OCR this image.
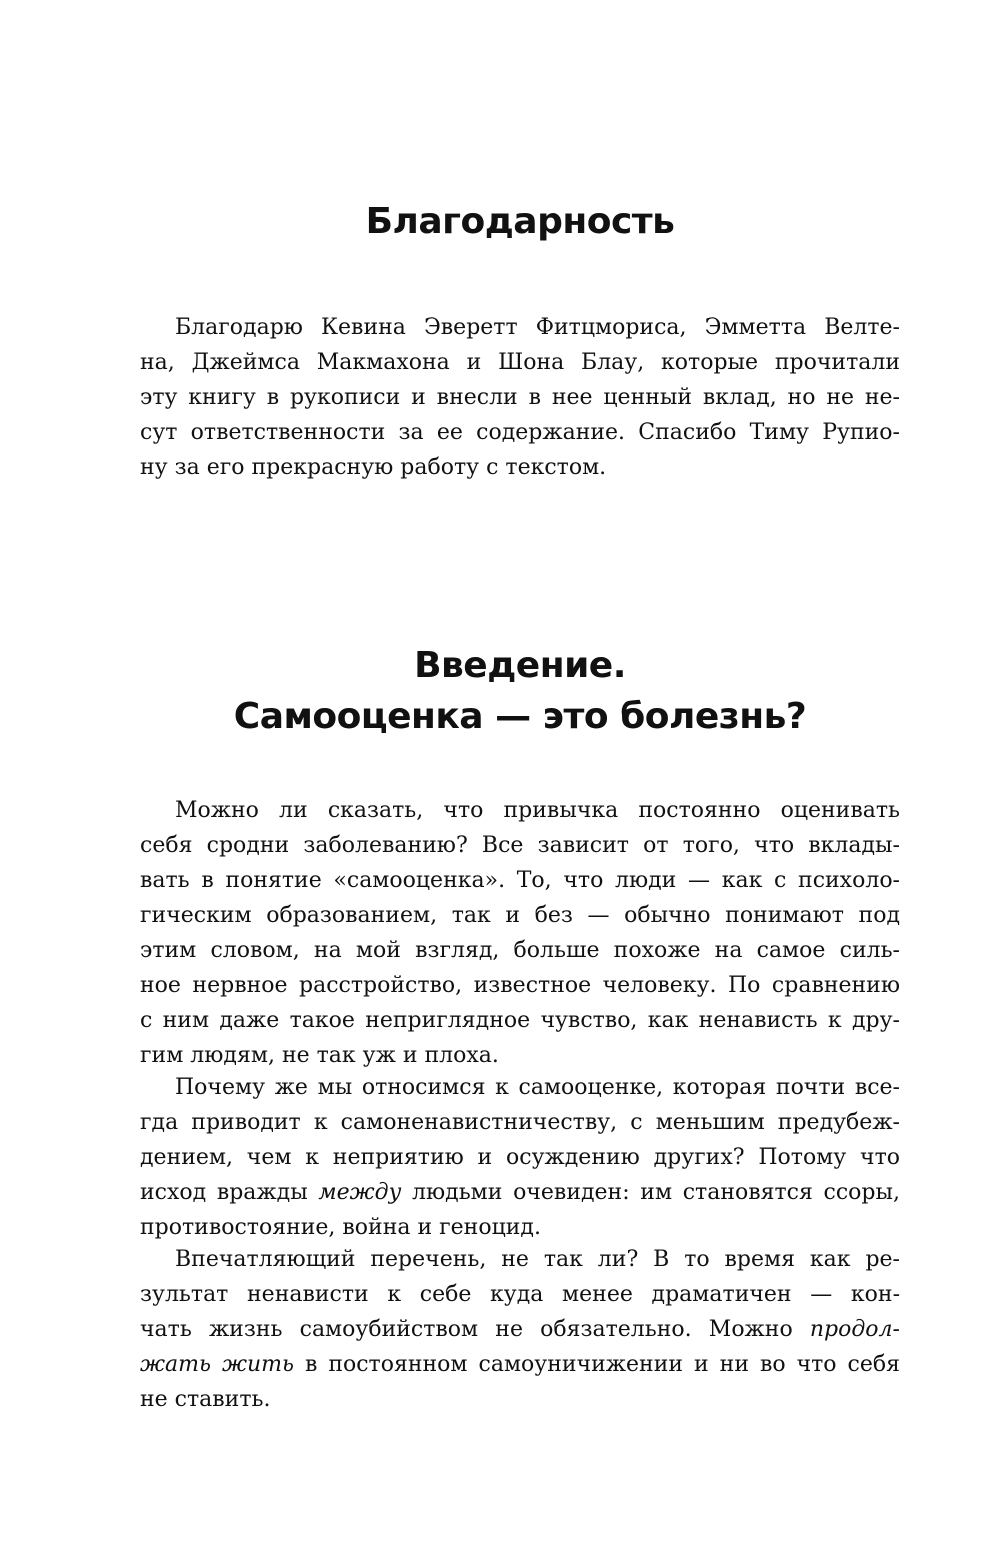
Благодарность
Благодарю Кевина Эверетт Фитцмориса, Эмметта Велте-
на, Джеймса Макмахона и Шона Блау, которые прочитали
эту книгу в рукописи и внесли в нее ценный вклад, но не не-
сут ответственности за ее содержание. Спасибо Тиму Рупио-
ну за его прекрасную работу с текстом.
Введение.
Самооценка — это болезнь?
Можно ли сказать, что привычка постоянно оценивать
себя сродни заболеванию? Все зависит от того, что вклады-
вать в понятие «самооценка». То, что люди — как с психоло-
гическим образованием, так и без — обычно понимают под
этим словом, на мой взгляд, больше похоже на самое силь-
ное нервное расстройство, известное человеку. По сравнению
с ним даже такое неприглядное чувство, как ненависть к дру-
гим людям, не так уж и плоха.
Почему же мы относимся к самооценке, которая почти все-
гда приводит к самоненавистничеству, с меньшим предубеж-
дением, чем к неприятию и осуждению других? Потому что
исход вражды между людьми очевиден: им становятся ссоры,
противостояние, война и геноцид.
Впечатляющий перечень, не так ли? В то время как ре-
зультат ненависти к себе куда менее драматичен — кон-
чать жизнь самоубийством не обязательно. Можно продол-
жать жить в постоянном самоуничижении и ни во что себя
не ставить.
